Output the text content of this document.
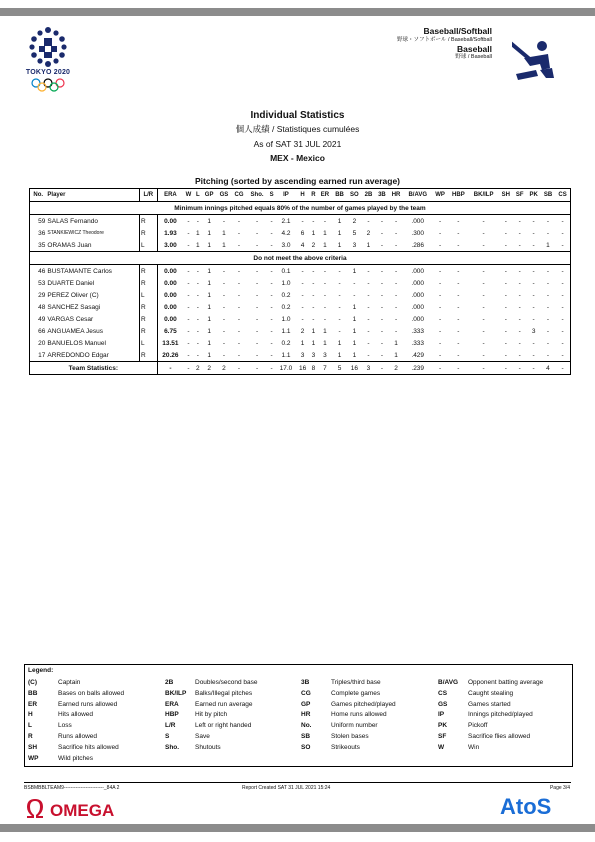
TOKYO 2020
Baseball/Softball
野球・ソフトボール / Baseball/Softball
Baseball
野球 / Baseball
Individual Statistics
個人成績 / Statistiques cumulées
As of SAT 31 JUL 2021
MEX - Mexico
Pitching (sorted by ascending earned run average)
No.	Player	L/R	ERA	W	L	GP	GS	CG	Sho.	S	IP	H	R	ER	BB	SO	2B	3B	HR	B/AVG	WP	HBP	BK/ILP	SH	SF	PK	SB	CS
Minimum innings pitched equals 80% of the number of games played by the team																												
59	SALAS Fernando	R	0.00	-	-	1	-	-	-	-	2.1	-	-	-	1	2	-	-	-	.000	-	-	-	-	-	-	-	-
36	STANKIEWICZ Theodore	R	1.93	-	1	1	1	-	-	-	4.2	6	1	1	1	5	2	-	-	.300	-	-	-	-	-	-	-	-
35	ORAMAS Juan	L	3.00	-	1	1	1	-	-	-	3.0	4	2	1	1	3	1	-	-	.286	-	-	-	-	-	-	1	-
Do not meet the above criteria																												
46	BUSTAMANTE Carlos	R	0.00	-	-	1	-	-	-	-	0.1	-	-	-	-	1	-	-	-	.000	-	-	-	-	-	-	-	-
53	DUARTE Daniel	R	0.00	-	-	1	-	-	-	-	1.0	-	-	-	-	-	-	-	-	.000	-	-	-	-	-	-	-	-
29	PEREZ Oliver (C)	L	0.00	-	-	1	-	-	-	-	0.2	-	-	-	-	-	-	-	-	.000	-	-	-	-	-	-	-	-
48	SANCHEZ Sasagi	R	0.00	-	-	1	-	-	-	-	0.2	-	-	-	-	1	-	-	-	.000	-	-	-	-	-	-	-	-
49	VARGAS Cesar	R	0.00	-	-	1	-	-	-	-	1.0	-	-	-	-	1	-	-	-	.000	-	-	-	-	-	-	-	-
66	ANGUAMEA Jesus	R	6.75	-	-	1	-	-	-	-	1.1	2	1	1	-	1	-	-	-	.333	-	-	-	-	-	3	-	-
20	BANUELOS Manuel	L	13.51	-	-	1	-	-	-	-	0.2	1	1	1	1	1	-	-	1	.333	-	-	-	-	-	-	-	-
17	ARREDONDO Edgar	R	20.26	-	-	1	-	-	-	-	1.1	3	3	3	1	1	-	-	1	.429	-	-	-	-	-	-	-	-
Team Statistics:			-	-	2	2	2	-	-	-	17.0	16	8	7	5	16	3	-	2	.239	-	-	-	-	-	-	4	-
Legend:
(C)	Captain
BB	Bases on balls allowed
ER	Earned runs allowed
H	Hits allowed
L	Loss
R	Runs allowed
SH	Sacrifice hits allowed
WP	Wild pitches
2B	Doubles/second base
BK/ILP Balks/Illegal pitches
ERA	Earned run average
HBP	Hit by pitch
L/R	Left or right handed
S	Save
Sho. Shutouts
3B	Triples/third base
CG	Complete games
GP	Games pitched/played
HR	Home runs allowed
No.	Uniform number
SB	Stolen bases
SO	Strikeouts
B/AVG Opponent batting average
CS	Caught stealing
GS	Games started
IP	Innings pitched/played
PK	Pickoff
SF	Sacrifice flies allowed
W	Win
BSBMBBLTEAM9------------------------_84A 2	Report Created SAT 31 JUL 2021 15:24	Page 3/4
OMEGA	AtoS
